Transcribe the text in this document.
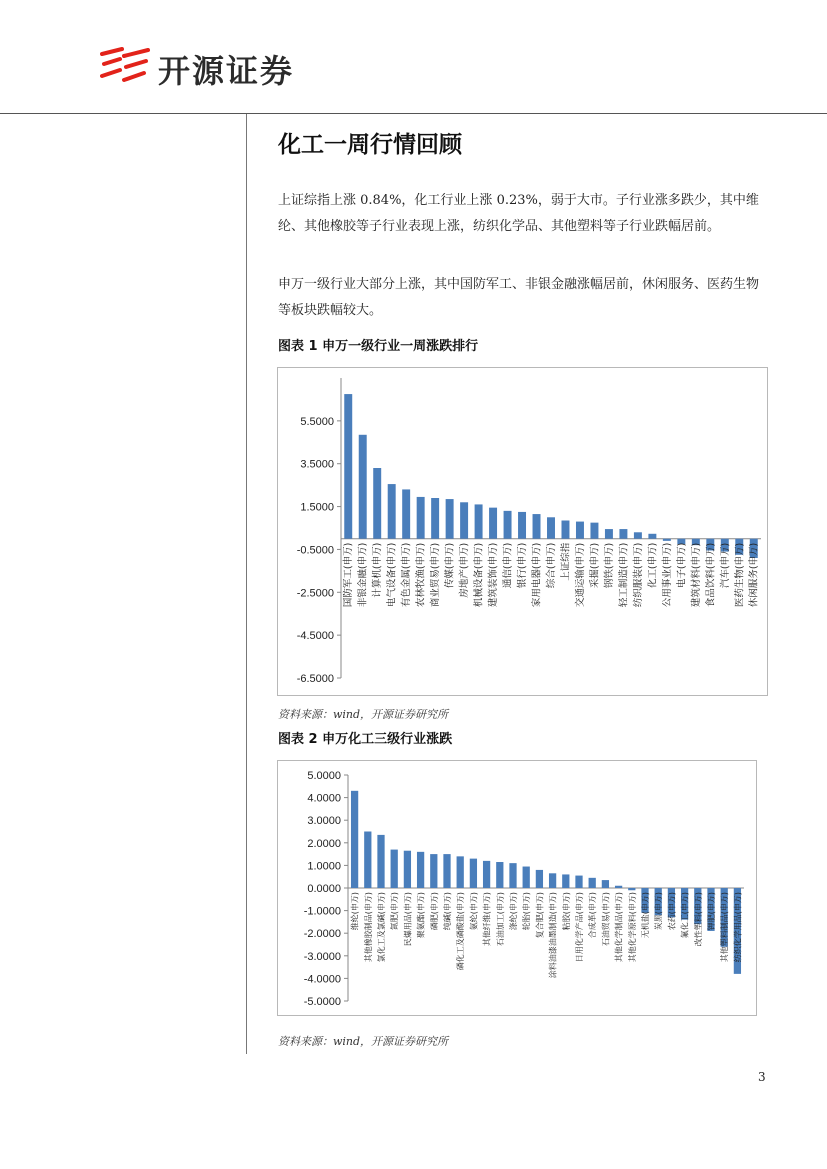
开源证券
化工一周行情回顾

上证综指上涨 0.84%，化工行业上涨 0.23%，弱于大市。子行业涨多跌少，其中维纶、其他橡胶等子行业表现上涨，纺织化学品、其他塑料等子行业跌幅居前。

申万一级行业大部分上涨，其中国防军工、非银金融涨幅居前，休闲服务、医药生物等板块跌幅较大。

图表 1 申万一级行业一周涨跌排行
5.5000
3.5000
1.5000
-0.5000
-2.5000
-4.5000
-6.5000
国防军工(申万) 非银金融(申万) 计算机(申万) 电气设备(申万) 有色金属(申万) 农林牧渔(申万) 商业贸易(申万) 传媒(申万) 房地产(申万) 机械设备(申万) 建筑装饰(申万) 通信(申万) 银行(申万) 家用电器(申万) 综合(申万) 上证综指 交通运输(申万) 采掘(申万) 钢铁(申万) 轻工制造(申万) 纺织服装(申万) 化工(申万) 公用事业(申万) 电子(申万) 建筑材料(申万) 食品饮料(申万) 汽车(申万) 医药生物(申万) 休闲服务(申万)
资料来源：wind，开源证券研究所
图表 2 申万化工三级行业涨跌
5.0000
4.0000
3.0000
2.0000
1.0000
0.0000
-1.0000
-2.0000
-3.0000
-4.0000
-5.0000
维纶(申万) 其他橡胶制品(申万) 氯化工及氯碱(申万) 氮肥(申万) 民爆用品(申万) 聚氨酯(申万) 磷肥(申万) 纯碱(申万) 磷化工及磷酸盐(申万) 氨纶(申万) 其他纤维(申万) 石油加工(申万) 涤纶(申万) 轮胎(申万) 复合肥(申万) 涂料油漆油墨制造(申万) 粘胶(申万) 日用化学产品(申万) 合成革(申万) 石油贸易(申万) 其他化学制品(申万) 其他化学原料(申万) 无机盐(申万) 炭黑(申万) 农药(申万) 氟化工(申万) 改性塑料(申万) 钾肥(申万) 其他塑料制品(申万) 纺织化学用品(申万)
资料来源：wind，开源证券研究所
3
